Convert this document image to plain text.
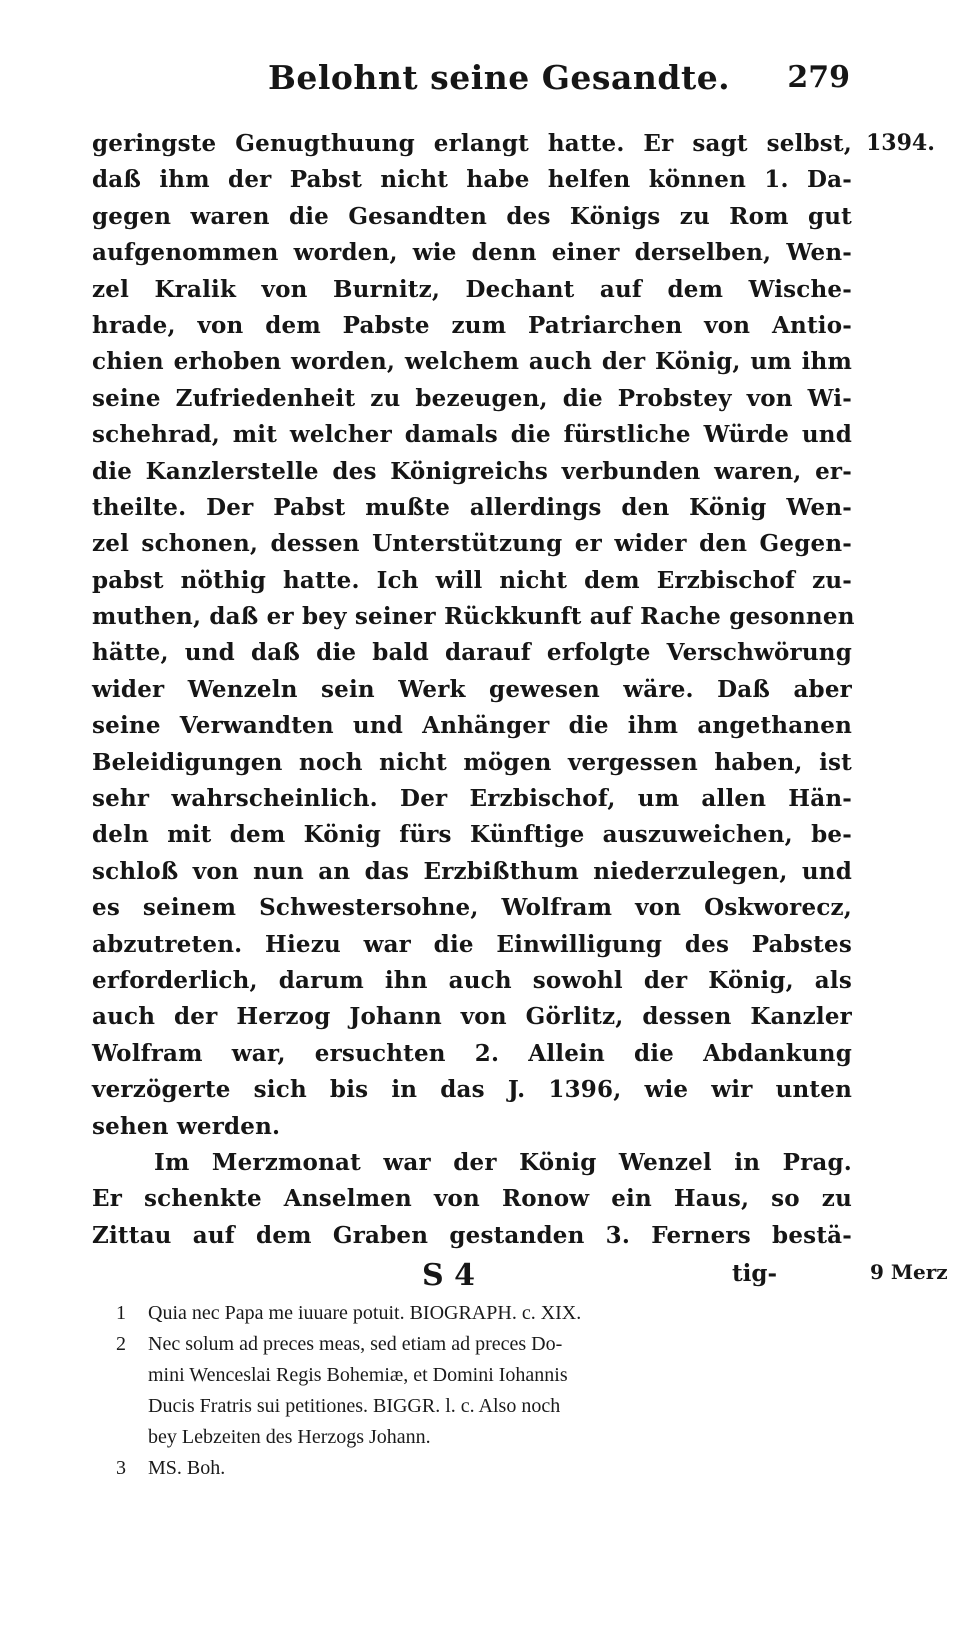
Belohnt seine Gesandte. 279
1394.
9 Merz
geringste Genugthuung erlangt hatte. Er sagt selbst,
daß ihm der Pabst nicht habe helfen können 1. Da-
gegen waren die Gesandten des Königs zu Rom gut
aufgenommen worden, wie denn einer derselben, Wen-
zel Kralik von Burnitz, Dechant auf dem Wische-
hrade, von dem Pabste zum Patriarchen von Antio-
chien erhoben worden, welchem auch der König, um ihm
seine Zufriedenheit zu bezeugen, die Probstey von Wi-
schehrad, mit welcher damals die fürstliche Würde und
die Kanzlerstelle des Königreichs verbunden waren, er-
theilte. Der Pabst mußte allerdings den König Wen-
zel schonen, dessen Unterstützung er wider den Gegen-
pabst nöthig hatte. Ich will nicht dem Erzbischof zu-
muthen, daß er bey seiner Rückkunft auf Rache gesonnen
hätte, und daß die bald darauf erfolgte Verschwörung
wider Wenzeln sein Werk gewesen wäre. Daß aber
seine Verwandten und Anhänger die ihm angethanen
Beleidigungen noch nicht mögen vergessen haben, ist
sehr wahrscheinlich. Der Erzbischof, um allen Hän-
deln mit dem König fürs Künftige auszuweichen, be-
schloß von nun an das Erzbißthum niederzulegen, und
es seinem Schwestersohne, Wolfram von Oskworecz,
abzutreten. Hiezu war die Einwilligung des Pabstes
erforderlich, darum ihn auch sowohl der König, als
auch der Herzog Johann von Görlitz, dessen Kanzler
Wolfram war, ersuchten 2. Allein die Abdankung
verzögerte sich bis in das J. 1396, wie wir unten
sehen werden.
Im Merzmonat war der König Wenzel in Prag.
Er schenkte Anselmen von Ronow ein Haus, so zu
Zittau auf dem Graben gestanden 3. Ferners bestä-
S 4	tig-
1 Quia nec Papa me iuuare potuit. BIOGRAPH. c. XIX.
2 Nec solum ad preces meas, sed etiam ad preces Do-
mini Wenceslai Regis Bohemiæ, et Domini Iohannis
Ducis Fratris sui petitiones. BIGGR. l. c. Also noch
bey Lebzeiten des Herzogs Johann.
3 MS. Boh.
